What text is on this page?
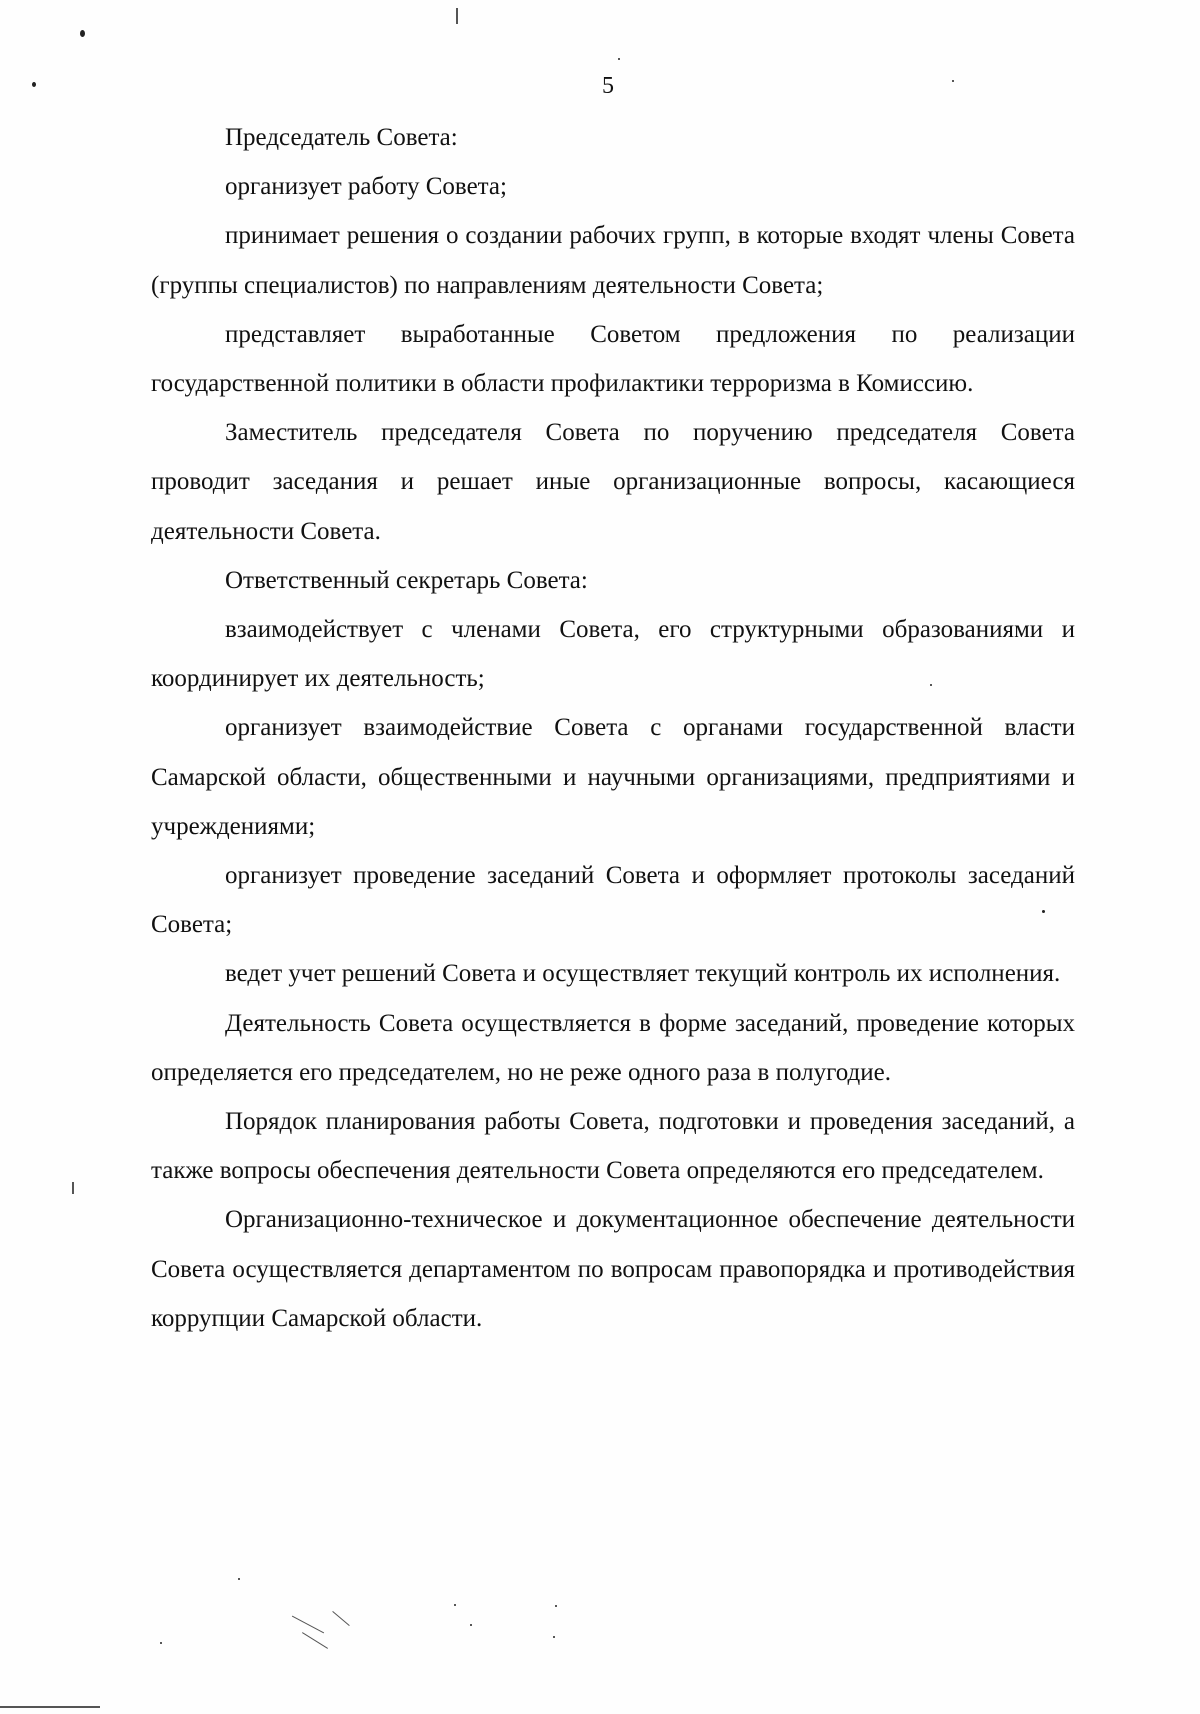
5

Председатель Совета:

организует работу Совета;

принимает решения о создании рабочих групп, в которые входят члены Совета (группы специалистов) по направлениям деятельности Совета;

представляет выработанные Советом предложения по реализации государственной политики в области профилактики терроризма в Комиссию.

Заместитель председателя Совета по поручению председателя Совета проводит заседания и решает иные организационные вопросы, касающиеся деятельности Совета.

Ответственный секретарь Совета:

взаимодействует с членами Совета, его структурными образованиями и координирует их деятельность;

организует взаимодействие Совета с органами государственной власти Самарской области, общественными и научными организациями, предприятиями и учреждениями;

организует проведение заседаний Совета и оформляет протоколы заседаний Совета;

ведет учет решений Совета и осуществляет текущий контроль их исполнения.

Деятельность Совета осуществляется в форме заседаний, проведение которых определяется его председателем, но не реже одного раза в полугодие.

Порядок планирования работы Совета, подготовки и проведения заседаний, а также вопросы обеспечения деятельности Совета определяются его председателем.

Организационно-техническое и документационное обеспечение деятельности Совета осуществляется департаментом по вопросам правопорядка и противодействия коррупции Самарской области.
